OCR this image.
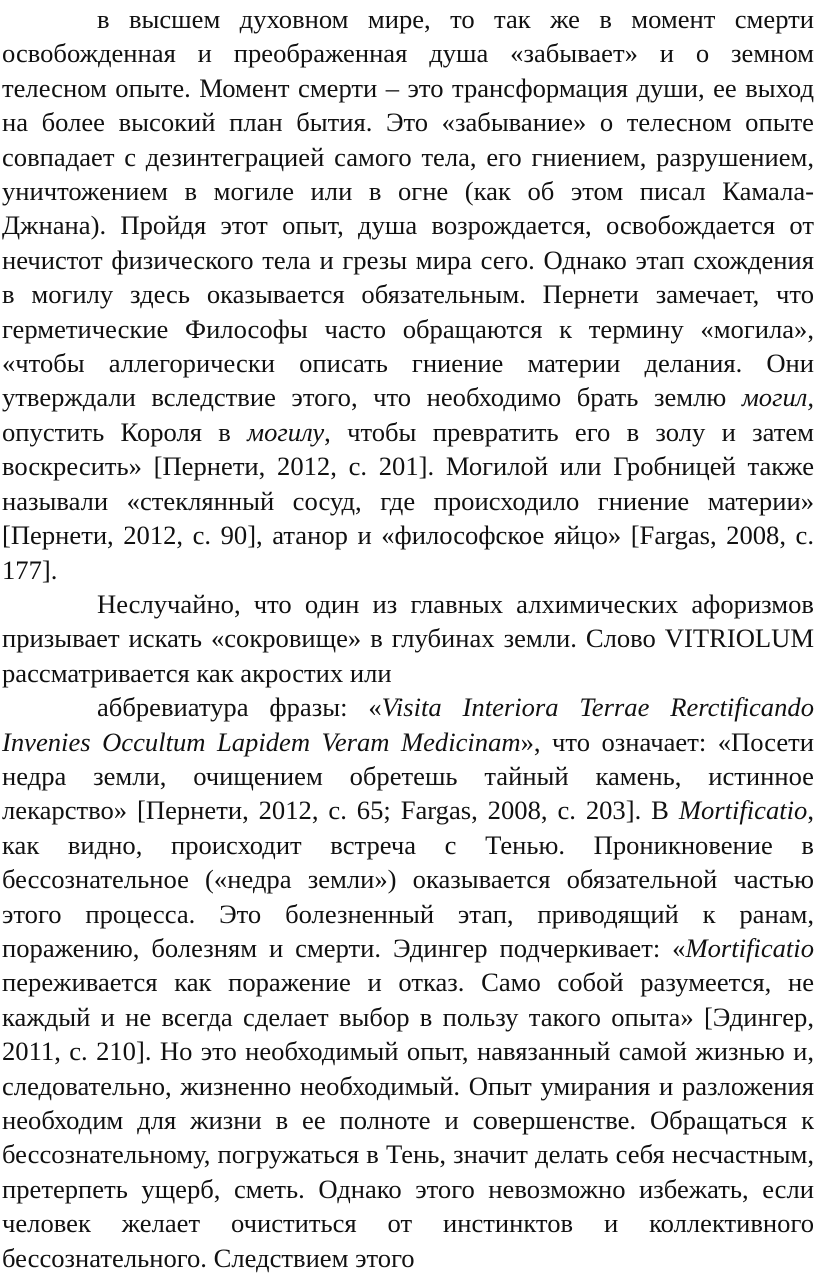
в высшем духовном мире, то так же в момент смерти освобожденная и преображенная душа «забывает» и о земном телесном опыте. Момент смерти – это трансформация души, ее выход на более высокий план бытия. Это «забывание» о телесном опыте совпадает с дезинтеграцией самого тела, его гниением, разрушением, уничтожением в могиле или в огне (как об этом писал Камала-Джнана). Пройдя этот опыт, душа возрождается, освобождается от нечистот физического тела и грезы мира сего. Однако этап схождения в могилу здесь оказывается обязательным. Пернети замечает, что герметические Философы часто обращаются к термину «могила», «чтобы аллегорически описать гниение материи делания. Они утверждали вследствие этого, что необходимо брать землю могил, опустить Короля в могилу, чтобы превратить его в золу и затем воскресить» [Пернети, 2012, с. 201]. Могилой или Гробницей также называли «стеклянный сосуд, где происходило гниение материи» [Пернети, 2012, с. 90], атанор и «философское яйцо» [Fargas, 2008, с. 177].

Неслучайно, что один из главных алхимических афоризмов призывает искать «сокровище» в глубинах земли. Слово VITRIOLUM рассматривается как акростих или

аббревиатура фразы: «Visita Interiora Terrae Rerctificando Invenies Occultum Lapidem Veram Medicinam», что означает: «Посети недра земли, очищением обретешь тайный камень, истинное лекарство» [Пернети, 2012, с. 65; Fargas, 2008, с. 203]. В Mortificatio, как видно, происходит встреча с Тенью. Проникновение в бессознательное («недра земли») оказывается обязательной частью этого процесса. Это болезненный этап, приводящий к ранам, поражению, болезням и смерти. Эдингер подчеркивает: «Mortificatio переживается как поражение и отказ. Само собой разумеется, не каждый и не всегда сделает выбор в пользу такого опыта» [Эдингер, 2011, с. 210]. Но это необходимый опыт, навязанный самой жизнью и, следовательно, жизненно необходимый. Опыт умирания и разложения необходим для жизни в ее полноте и совершенстве. Обращаться к бессознательному, погружаться в Тень, значит делать себя несчастным, претерпеть ущерб, сметь. Однако этого невозможно избежать, если человек желает очиститься от инстинктов и коллективного бессознательного. Следствием этого
